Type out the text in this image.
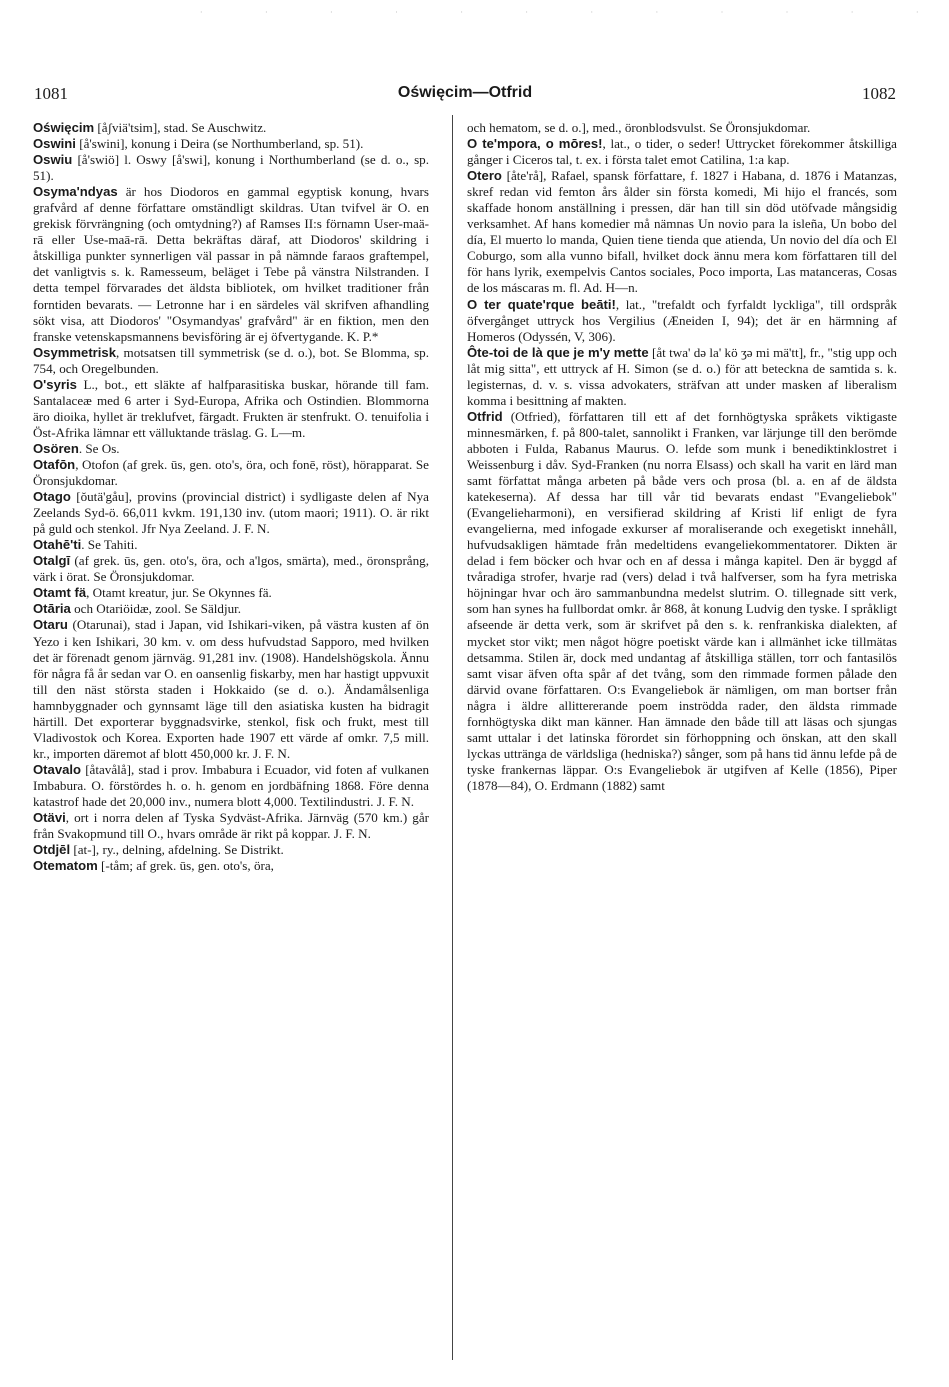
· · · · · · · · · · · ·
1081	Oświęcim—Otfrid	1082

Oświęcim [åʃviä'tsim], stad. Se Auschwitz.

Oswini [å'swini], konung i Deira (se Northumberland, sp. 51).

Oswiu [å'swiö] l. Oswy [å'swi], konung i Northumberland (se d. o., sp. 51).

Osyma'ndyas är hos Diodoros en gammal egyptisk konung, hvars grafvård af denne författare omständligt skildras. Utan tvifvel är O. en grekisk förvrängning (och omtydning?) af Ramses II:s förnamn User-maä-rā eller Use-maā-rā. Detta bekräftas däraf, att Diodoros' skildring i åtskilliga punkter synnerligen väl passar in på nämnde faraos graftempel, det vanligtvis s. k. Ramesseum, beläget i Tebe på vänstra Nilstranden. I detta tempel förvarades det äldsta bibliotek, om hvilket traditioner från forntiden bevarats. — Letronne har i en särdeles väl skrifven afhandling sökt visa, att Diodoros' "Osymandyas' grafvård" är en fiktion, men den franske vetenskapsmannens bevisföring är ej öfvertygande. K. P.*

Osymmetrisk, motsatsen till symmetrisk (se d. o.), bot. Se Blomma, sp. 754, och Oregelbunden.

O'syris L., bot., ett släkte af halfparasitiska buskar, hörande till fam. Santalaceæ med 6 arter i Syd-Europa, Afrika och Ostindien. Blommorna äro dioika, hyllet är treklufvet, färgadt. Frukten är stenfrukt. O. tenuifolia i Öst-Afrika lämnar ett välluktande träslag. G. L—m.

Osören. Se Os.

Otafōn, Otofon (af grek. ūs, gen. oto's, öra, och fonē, röst), hörapparat. Se Öronsjukdomar.

Otago [ŏutä'gåu], provins (provincial district) i sydligaste delen af Nya Zeelands Syd-ö. 66,011 kvkm. 191,130 inv. (utom maori; 1911). O. är rikt på guld och stenkol. Jfr Nya Zeeland. J. F. N.

Otahē'ti. Se Tahiti.

Otalgī (af grek. ūs, gen. oto's, öra, och a'lgos, smärta), med., öronsprång, värk i örat. Se Öronsjukdomar.

Otamt fä, Otamt kreatur, jur. Se Okynnes fä.

Otāria och Otariöidæ, zool. Se Säldjur.

Otaru (Otarunai), stad i Japan, vid Ishikari-viken, på västra kusten af ön Yezo i ken Ishikari, 30 km. v. om dess hufvudstad Sapporo, med hvilken det är förenadt genom järnväg. 91,281 inv. (1908). Handelshögskola. Ännu för några få år sedan var O. en oansenlig fiskarby, men har hastigt uppvuxit till den näst största staden i Hokkaido (se d. o.). Ändamålsenliga hamnbyggnader och gynnsamt läge till den asiatiska kusten ha bidragit härtill. Det exporterar byggnadsvirke, stenkol, fisk och frukt, mest till Vladivostok och Korea. Exporten hade 1907 ett värde af omkr. 7,5 mill. kr., importen däremot af blott 450,000 kr. J. F. N.

Otavalo [åtavålå], stad i prov. Imbabura i Ecuador, vid foten af vulkanen Imbabura. O. förstördes h. o. h. genom en jordbäfning 1868. Före denna katastrof hade det 20,000 inv., numera blott 4,000. Textilindustri. J. F. N.

Otävi, ort i norra delen af Tyska Sydväst-Afrika. Järnväg (570 km.) går från Svakopmund till O., hvars område är rikt på koppar. J. F. N.

Otdjēl [at-], ry., delning, afdelning. Se Distrikt.

Otematom [-tåm; af grek. ūs, gen. oto's, öra,

och hematom, se d. o.], med., öronblodsvulst. Se Öronsjukdomar.

O te'mpora, o mōres!, lat., o tider, o seder! Uttrycket förekommer åtskilliga gånger i Ciceros tal, t. ex. i första talet emot Catilina, 1:a kap.

Otero [åte'rå], Rafael, spansk författare, f. 1827 i Habana, d. 1876 i Matanzas, skref redan vid femton års ålder sin första komedi, Mi hijo el francés, som skaffade honom anställning i pressen, där han till sin död utöfvade mångsidig verksamhet. Af hans komedier må nämnas Un novio para la isleña, Un bobo del día, El muerto lo manda, Quien tiene tienda que atienda, Un novio del día och El Coburgo, som alla vunno bifall, hvilket dock ännu mera kom författaren till del för hans lyrik, exempelvis Cantos sociales, Poco importa, Las matanceras, Cosas de los máscaras m. fl. Ad. H—n.

O ter quate'rque beāti!, lat., "trefaldt och fyrfaldt lyckliga", till ordspråk öfvergånget uttryck hos Vergilius (Æneiden I, 94); det är en härmning af Homeros (Odyssén, V, 306).

Ôte-toi de là que je m'y mette [åt twa' də la' kö ʒə mi mä'tt], fr., "stig upp och låt mig sitta", ett uttryck af H. Simon (se d. o.) för att beteckna de samtida s. k. legisternas, d. v. s. vissa advokaters, sträfvan att under masken af liberalism komma i besittning af makten.

Otfrid (Otfried), författaren till ett af det fornhögtyska språkets viktigaste minnesmärken, f. på 800-talet, sannolikt i Franken, var lärjunge till den berömde abboten i Fulda, Rabanus Maurus. O. lefde som munk i benediktinklostret i Weissenburg i dåv. Syd-Franken (nu norra Elsass) och skall ha varit en lärd man samt författat många arbeten på både vers och prosa (bl. a. en af de äldsta katekeserna). Af dessa har till vår tid bevarats endast "Evangeliebok" (Evangelieharmoni), en versifierad skildring af Kristi lif enligt de fyra evangelierna, med infogade exkurser af moraliserande och exegetiskt innehåll, hufvudsakligen hämtade från medeltidens evangeliekommentatorer. Dikten är delad i fem böcker och hvar och en af dessa i många kapitel. Den är byggd af tvåradiga strofer, hvarje rad (vers) delad i två halfverser, som ha fyra metriska höjningar hvar och äro sammanbundna medelst slutrim. O. tillegnade sitt verk, som han synes ha fullbordat omkr. år 868, åt konung Ludvig den tyske. I språkligt afseende är detta verk, som är skrifvet på den s. k. renfrankiska dialekten, af mycket stor vikt; men något högre poetiskt värde kan i allmänhet icke tillmätas detsamma. Stilen är, dock med undantag af åtskilliga ställen, torr och fantasilös samt visar äfven ofta spår af det tvång, som den rimmade formen pålade den därvid ovane författaren. O:s Evangeliebok är nämligen, om man bortser från några i äldre allittererande poem inströdda rader, den äldsta rimmade fornhögtyska dikt man känner. Han ämnade den både till att läsas och sjungas samt uttalar i det latinska förordet sin förhoppning och önskan, att den skall lyckas uttränga de världsliga (hedniska?) sånger, som på hans tid ännu lefde på de tyske frankernas läppar. O:s Evangeliebok är utgifven af Kelle (1856), Piper (1878—84), O. Erdmann (1882) samt
